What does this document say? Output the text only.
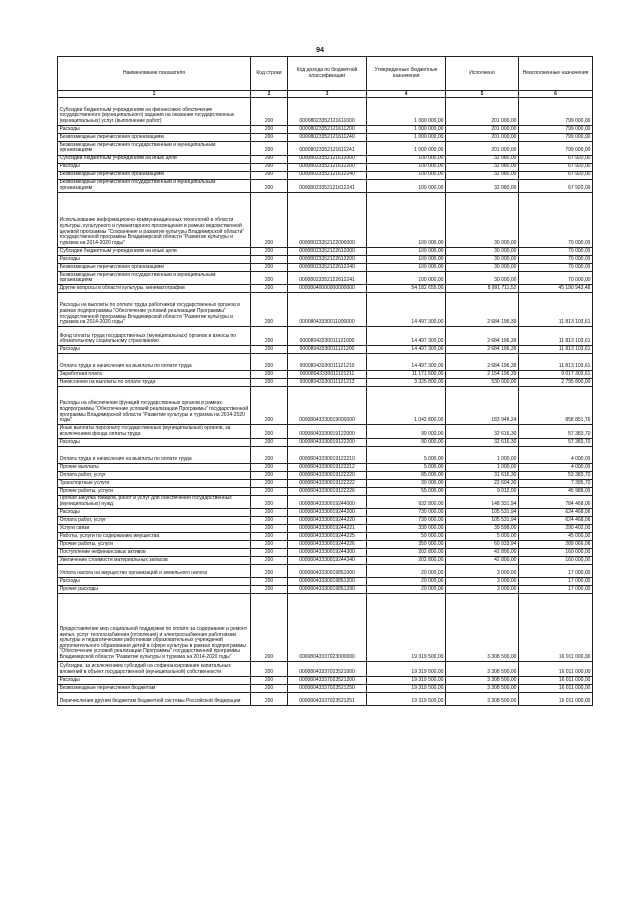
94
Наименование показателя	Код строки	Код дохода по бюджетной классификации	Утвержденные бюджетные назначения	Исполнено	Неисполненные назначения
1	2	3	4	5	6
Субсидии бюджетным учреждениям на финансовое обеспечение государственного (муниципального) задания на оказание государственных (муниципальных) услуг (выполнение работ)	200	00008023352121611000	1 000 000,00	201 000,00	799 000,00
Расходы	200	00008023352121611200	1 000 000,00	201 000,00	799 000,00
Безвозмездные перечисления организациям	200	00008023352121611240	1 000 000,00	201 000,00	799 000,00
Безвозмездные перечисления государственным и муниципальным организациям	200	00008023352121611241	1 000 000,00	201 000,00	799 000,00
Субсидии бюджетным учреждениям на иные цели	200	00008023352121612000	100 000,00	32 080,00	67 920,00
Расходы	200	00008023352121612200	100 000,00	32 080,00	67 920,00
Безвозмездные перечисления организациям	200	00008023352121612240	100 000,00	32 080,00	67 920,00
Безвозмездные перечисления государственным и муниципальным организациям	200	00008023352121612241	100 000,00	32 080,00	67 920,00
Использование информационно-коммуникационных технологий в области культуры, культурного и гуманитарного просвещения в рамках ведомственной целевой программы "Сохранение и развитие культуры Владимирской области" государственной программы Владимирской области "Развитие культуры и туризма на 2014-2020 годы"	200	00008023352122000000	100 000,00	30 000,00	70 000,00
Субсидии бюджетным учреждениям на иные цели	200	00008023352122612000	100 000,00	30 000,00	70 000,00
Расходы	200	00008023352122612200	100 000,00	30 000,00	70 000,00
Безвозмездные перечисления организациям	200	00008023352122612240	100 000,00	30 000,00	70 000,00
Безвозмездные перечисления государственным и муниципальным организациям	200	00008023352122612241	100 000,00	30 000,00	70 000,00
Другие вопросы в области культуры, кинематографии	200	00008040000000000000	54 182 655,00	8 991 711,52	45 190 943,48
Расходы на выплаты по оплате труда работников государственных органов в рамках подпрограммы "Обеспечение условий реализации Программы" государственной программы Владимирской области "Развитие культуры и туризма на 2014-2020 годы"	200	00008043330011000000	14 497 300,00	2 684 196,39	11 813 103,61
Фонд оплаты труда государственных (муниципальных) органов и взносы по обязательному социальному страхованию	200	00008043330011121000	14 497 300,00	2 684 196,39	11 813 103,61
Расходы	200	00008043330011121200	14 497 300,00	2 684 196,39	11 813 103,61
Оплата труда и начисления на выплаты по оплате труда	200	00008043330011121210	14 497 300,00	2 684 196,39	11 813 103,61
Заработная плата	200	00008043330011121211	11 171 500,00	2 154 196,39	9 017 303,61
Начисления на выплаты по оплате труда	200	00008043330011121213	3 325 800,00	530 000,00	2 795 800,00
Расходы на обеспечение функций государственных органов в рамках подпрограммы "Обеспечение условий реализации Программы" государственной программы Владимирской области "Развитие культуры и туризма на 2014-2020 годы"	200	00008043330019000000	1 042 800,00	183 948,24	858 851,76
Иные выплаты персоналу государственных (муниципальных) органов, за исключением фонда оплаты труда	200	00008043330019122000	90 000,00	32 616,30	57 383,70
Расходы	200	00008043330019122200	90 000,00	32 616,30	57 383,70
Оплата труда и начисления на выплаты по оплате труда	200	00008043330019122210	5 000,00	1 000,00	4 000,00
Прочие выплаты	200	00008043330019122212	5 000,00	1 000,00	4 000,00
Оплата работ, услуг	200	00008043330019122220	85 000,00	31 616,30	53 383,70
Транспортные услуги	200	00008043330019122222	30 000,00	22 604,30	7 395,70
Прочие работы, услуги	200	00008043330019122226	55 000,00	9 012,00	45 988,00
Прочая закупка товаров, работ и услуг для обеспечения государственных (муниципальных) нужд	200	00008043330019244000	932 800,00	148 331,94	784 468,06
Расходы	200	00008043330019244200	730 000,00	105 531,94	624 468,06
Оплата работ, услуг	200	00008043330019244220	730 000,00	105 531,94	624 468,06
Услуги связи	200	00008043330019244221	330 000,00	39 598,00	290 402,00
Работы, услуги по содержанию имущества	200	00008043330019244225	50 000,00	5 000,00	45 000,00
Прочие работы, услуги	200	00008043330019244226	350 000,00	60 933,94	289 066,06
Поступление нефинансовых активов	200	00008043330019244300	202 800,00	42 800,00	160 000,00
Увеличение стоимости материальных запасов	200	00008043330019244340	202 800,00	42 800,00	160 000,00
Уплата налога на имущество организаций и земельного налога	200	00008043330019851000	20 000,00	3 000,00	17 000,00
Расходы	200	00008043330019851200	20 000,00	3 000,00	17 000,00
Прочие расходы	200	00008043330019851290	20 000,00	3 000,00	17 000,00
Предоставление мер социальной поддержки по оплате за содержание и ремонт жилья, услуг теплоснабжения (отопления) и электроснабжения работникам культуры и педагогическим работникам образовательных учреждений дополнительного образования детей в сфере культуры в рамках подпрограммы "Обеспечение условий реализации Программы" государственной программы Владимирской области "Развитие культуры и туризма на 2014-2020 годы"	200	00008043337023000000	19 319 500,00	3 308 500,00	16 011 000,00
Субсидии, за исключением субсидий на софинансирование капитальных вложений в объект государственной (муниципальной) собственности	200	00008043337023521000	19 319 500,00	3 308 500,00	16 011 000,00
Расходы	200	00008043337023521200	19 319 500,00	3 308 500,00	16 011 000,00
Безвозмездные перечисления бюджетам	200	00008043337023521250	19 319 500,00	3 308 500,00	16 011 000,00
Перечисления другим бюджетам бюджетной системы Российской Федерации	200	00008043337023521251	19 319 500,00	3 308 500,00	16 011 000,00
